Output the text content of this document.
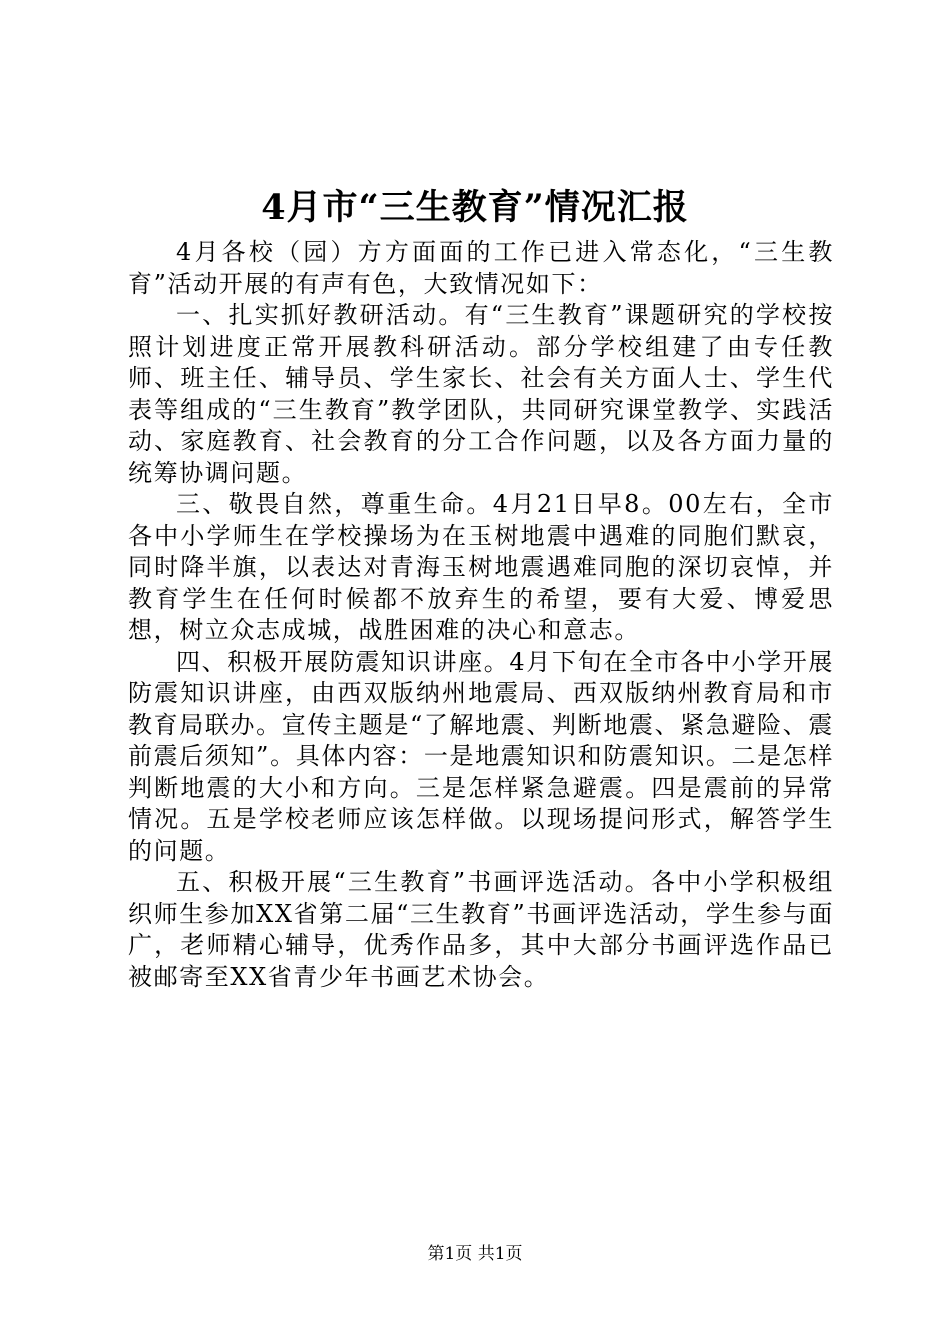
4月市“三生教育”情况汇报

4月各校（园）方方面面的工作已进入常态化，“三生教育”活动开展的有声有色，大致情况如下：

一、扎实抓好教研活动。有“三生教育”课题研究的学校按照计划进度正常开展教科研活动。部分学校组建了由专任教师、班主任、辅导员、学生家长、社会有关方面人士、学生代表等组成的“三生教育”教学团队，共同研究课堂教学、实践活动、家庭教育、社会教育的分工合作问题，以及各方面力量的统筹协调问题。

三、敬畏自然，尊重生命。4月21日早8。00左右，全市各中小学师生在学校操场为在玉树地震中遇难的同胞们默哀，同时降半旗，以表达对青海玉树地震遇难同胞的深切哀悼，并教育学生在任何时候都不放弃生的希望，要有大爱、博爱思想，树立众志成城，战胜困难的决心和意志。

四、积极开展防震知识讲座。4月下旬在全市各中小学开展防震知识讲座，由西双版纳州地震局、西双版纳州教育局和市教育局联办。宣传主题是“了解地震、判断地震、紧急避险、震前震后须知”。具体内容：一是地震知识和防震知识。二是怎样判断地震的大小和方向。三是怎样紧急避震。四是震前的异常情况。五是学校老师应该怎样做。以现场提问形式，解答学生的问题。

五、积极开展“三生教育”书画评选活动。各中小学积极组织师生参加XX省第二届“三生教育”书画评选活动，学生参与面广，老师精心辅导，优秀作品多，其中大部分书画评选作品已被邮寄至XX省青少年书画艺术协会。

第1页 共1页
